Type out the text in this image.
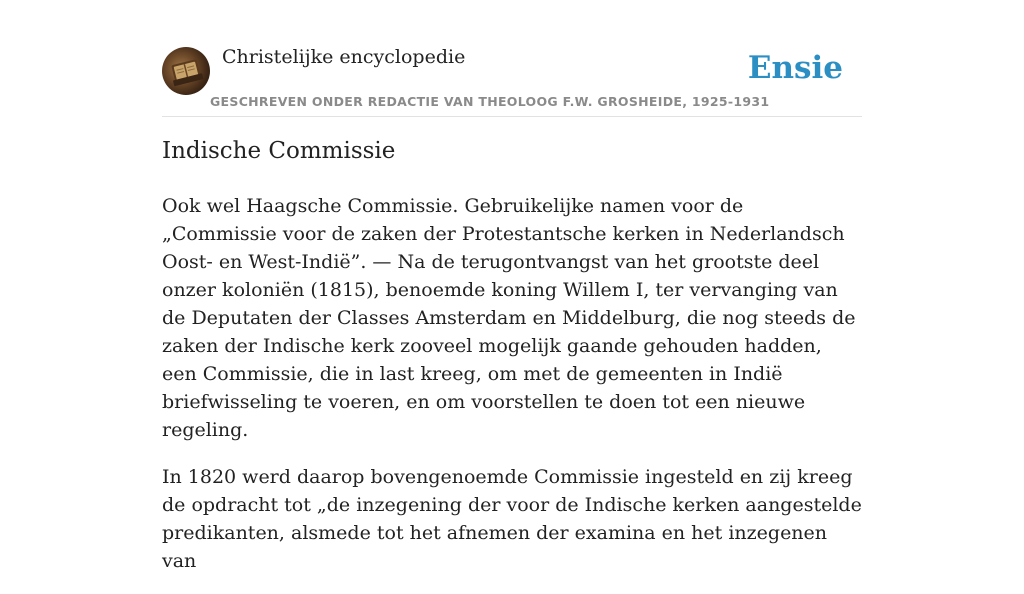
Christelijke encyclopedie
GESCHREVEN ONDER REDACTIE VAN THEOLOOG F.W. GROSHEIDE, 1925-1931
Ensie
Indische Commissie

Ook wel Haagsche Commissie. Gebruikelijke namen voor de „Commissie voor de zaken der Protestantsche kerken in Nederlandsch Oost- en West-Indië”. — Na de terugontvangst van het grootste deel onzer koloniën (1815), benoemde koning Willem I, ter vervanging van de Deputaten der Classes Amsterdam en Middelburg, die nog steeds de zaken der Indische kerk zooveel mogelijk gaande gehouden hadden, een Commissie, die in last kreeg, om met de gemeenten in Indië briefwisseling te voeren, en om voorstellen te doen tot een nieuwe regeling.

In 1820 werd daarop bovengenoemde Commissie ingesteld en zij kreeg de opdracht tot „de inzegening der voor de Indische kerken aangestelde predikanten, alsmede tot het afnemen der examina en het inzegenen van
